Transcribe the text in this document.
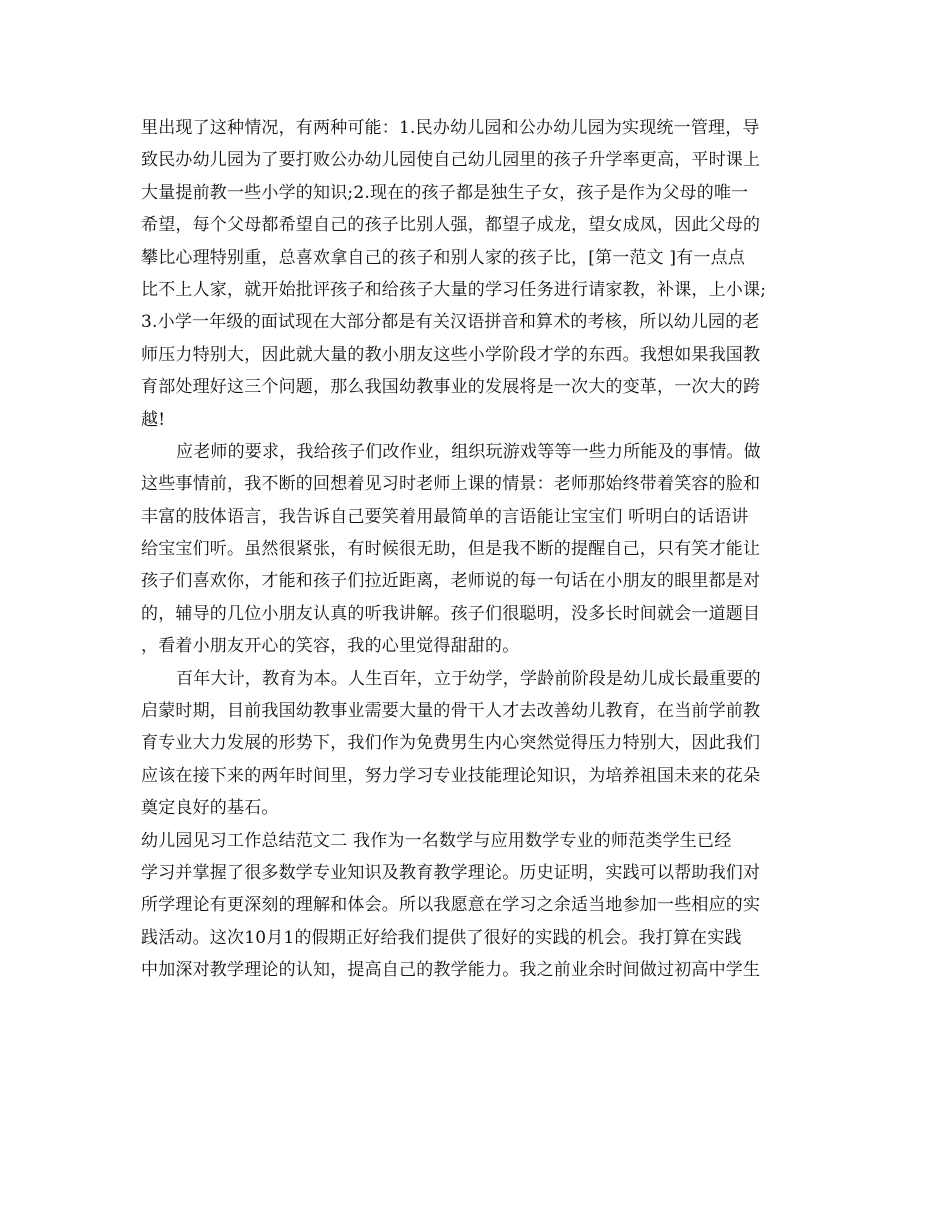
里出现了这种情况，有两种可能：1.民办幼儿园和公办幼儿园为实现统一管理，导
致民办幼儿园为了要打败公办幼儿园使自己幼儿园里的孩子升学率更高，平时课上
大量提前教一些小学的知识;2.现在的孩子都是独生子女，孩子是作为父母的唯一
希望，每个父母都希望自己的孩子比别人强，都望子成龙，望女成凤，因此父母的
攀比心理特别重，总喜欢拿自己的孩子和别人家的孩子比，[第一范文 ]有一点点
比不上人家，就开始批评孩子和给孩子大量的学习任务进行请家教，补课，上小课;
3.小学一年级的面试现在大部分都是有关汉语拼音和算术的考核，所以幼儿园的老
师压力特别大，因此就大量的教小朋友这些小学阶段才学的东西。我想如果我国教
育部处理好这三个问题，那么我国幼教事业的发展将是一次大的变革，一次大的跨
越!
应老师的要求，我给孩子们改作业，组织玩游戏等等一些力所能及的事情。做
这些事情前，我不断的回想着见习时老师上课的情景：老师那始终带着笑容的脸和
丰富的肢体语言，我告诉自己要笑着用最简单的言语能让宝宝们 听明白的话语讲
给宝宝们听。虽然很紧张，有时候很无助，但是我不断的提醒自己，只有笑才能让
孩子们喜欢你，才能和孩子们拉近距离，老师说的每一句话在小朋友的眼里都是对
的，辅导的几位小朋友认真的听我讲解。孩子们很聪明，没多长时间就会一道题目
，看着小朋友开心的笑容，我的心里觉得甜甜的。
百年大计，教育为本。人生百年，立于幼学，学龄前阶段是幼儿成长最重要的
启蒙时期，目前我国幼教事业需要大量的骨干人才去改善幼儿教育，在当前学前教
育专业大力发展的形势下，我们作为免费男生内心突然觉得压力特别大，因此我们
应该在接下来的两年时间里，努力学习专业技能理论知识，为培养祖国未来的花朵
奠定良好的基石。
幼儿园见习工作总结范文二 我作为一名数学与应用数学专业的师范类学生已经
学习并掌握了很多数学专业知识及教育教学理论。历史证明，实践可以帮助我们对
所学理论有更深刻的理解和体会。所以我愿意在学习之余适当地参加一些相应的实
践活动。这次10月1的假期正好给我们提供了很好的实践的机会。我打算在实践
中加深对教学理论的认知，提高自己的教学能力。我之前业余时间做过初高中学生
